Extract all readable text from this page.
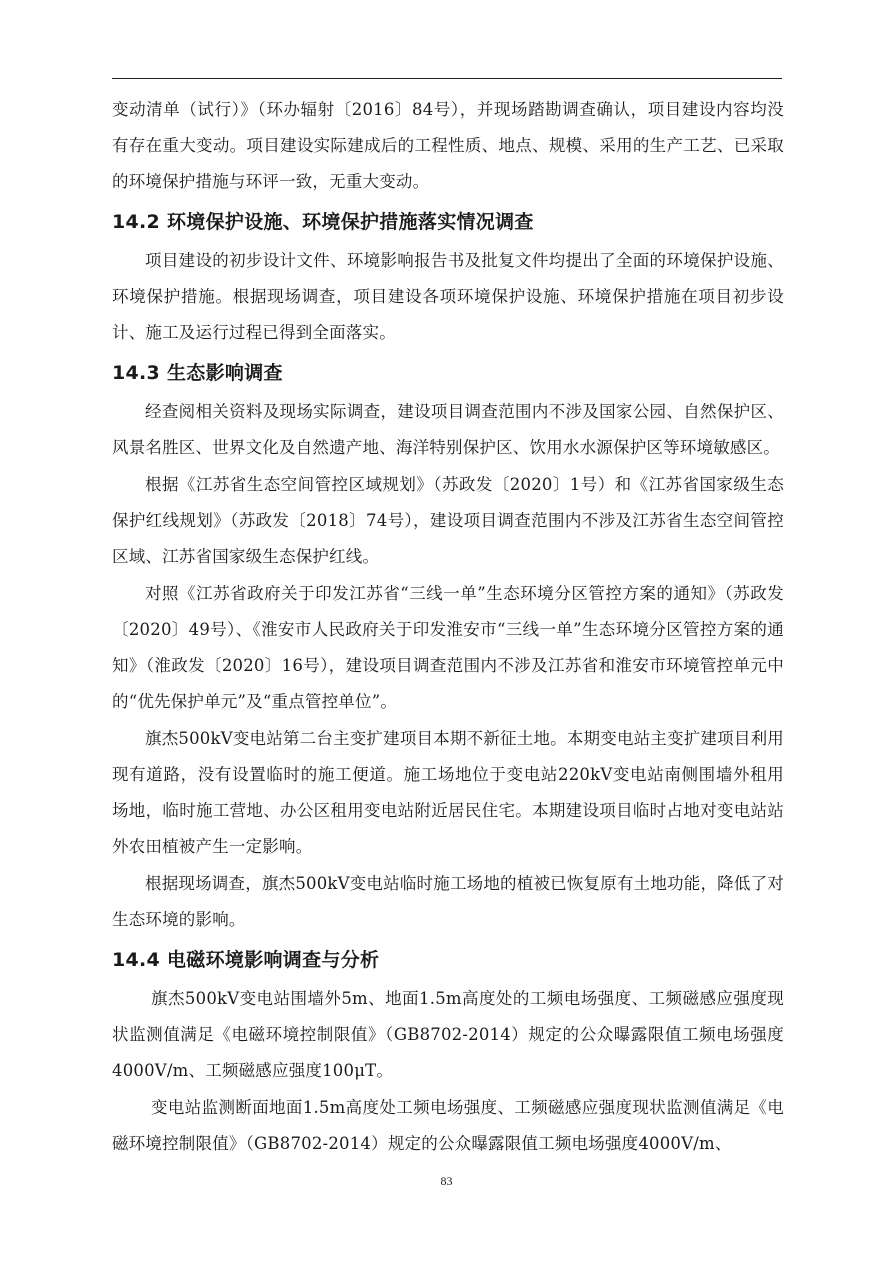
变动清单（试行）》（环办辐射〔2016〕84号），并现场踏勘调查确认，项目建设内容均没有存在重大变动。项目建设实际建成后的工程性质、地点、规模、采用的生产工艺、已采取的环境保护措施与环评一致，无重大变动。

14.2 环境保护设施、环境保护措施落实情况调查

项目建设的初步设计文件、环境影响报告书及批复文件均提出了全面的环境保护设施、环境保护措施。根据现场调查，项目建设各项环境保护设施、环境保护措施在项目初步设计、施工及运行过程已得到全面落实。

14.3 生态影响调查

经查阅相关资料及现场实际调查，建设项目调查范围内不涉及国家公园、自然保护区、风景名胜区、世界文化及自然遗产地、海洋特别保护区、饮用水水源保护区等环境敏感区。

根据《江苏省生态空间管控区域规划》（苏政发〔2020〕1号）和《江苏省国家级生态保护红线规划》（苏政发〔2018〕74号），建设项目调查范围内不涉及江苏省生态空间管控区域、江苏省国家级生态保护红线。

对照《江苏省政府关于印发江苏省“三线一单”生态环境分区管控方案的通知》（苏政发〔2020〕49号）、《淮安市人民政府关于印发淮安市“三线一单”生态环境分区管控方案的通知》（淮政发〔2020〕16号），建设项目调查范围内不涉及江苏省和淮安市环境管控单元中的“优先保护单元”及“重点管控单位”。

旗杰500kV变电站第二台主变扩建项目本期不新征土地。本期变电站主变扩建项目利用现有道路，没有设置临时的施工便道。施工场地位于变电站220kV变电站南侧围墙外租用场地，临时施工营地、办公区租用变电站附近居民住宅。本期建设项目临时占地对变电站站外农田植被产生一定影响。

根据现场调查，旗杰500kV变电站临时施工场地的植被已恢复原有土地功能，降低了对生态环境的影响。

14.4 电磁环境影响调查与分析

旗杰500kV变电站围墙外5m、地面1.5m高度处的工频电场强度、工频磁感应强度现状监测值满足《电磁环境控制限值》（GB8702-2014）规定的公众曝露限值工频电场强度4000V/m、工频磁感应强度100μT。

变电站监测断面地面1.5m高度处工频电场强度、工频磁感应强度现状监测值满足《电磁环境控制限值》（GB8702-2014）规定的公众曝露限值工频电场强度4000V/m、

83
